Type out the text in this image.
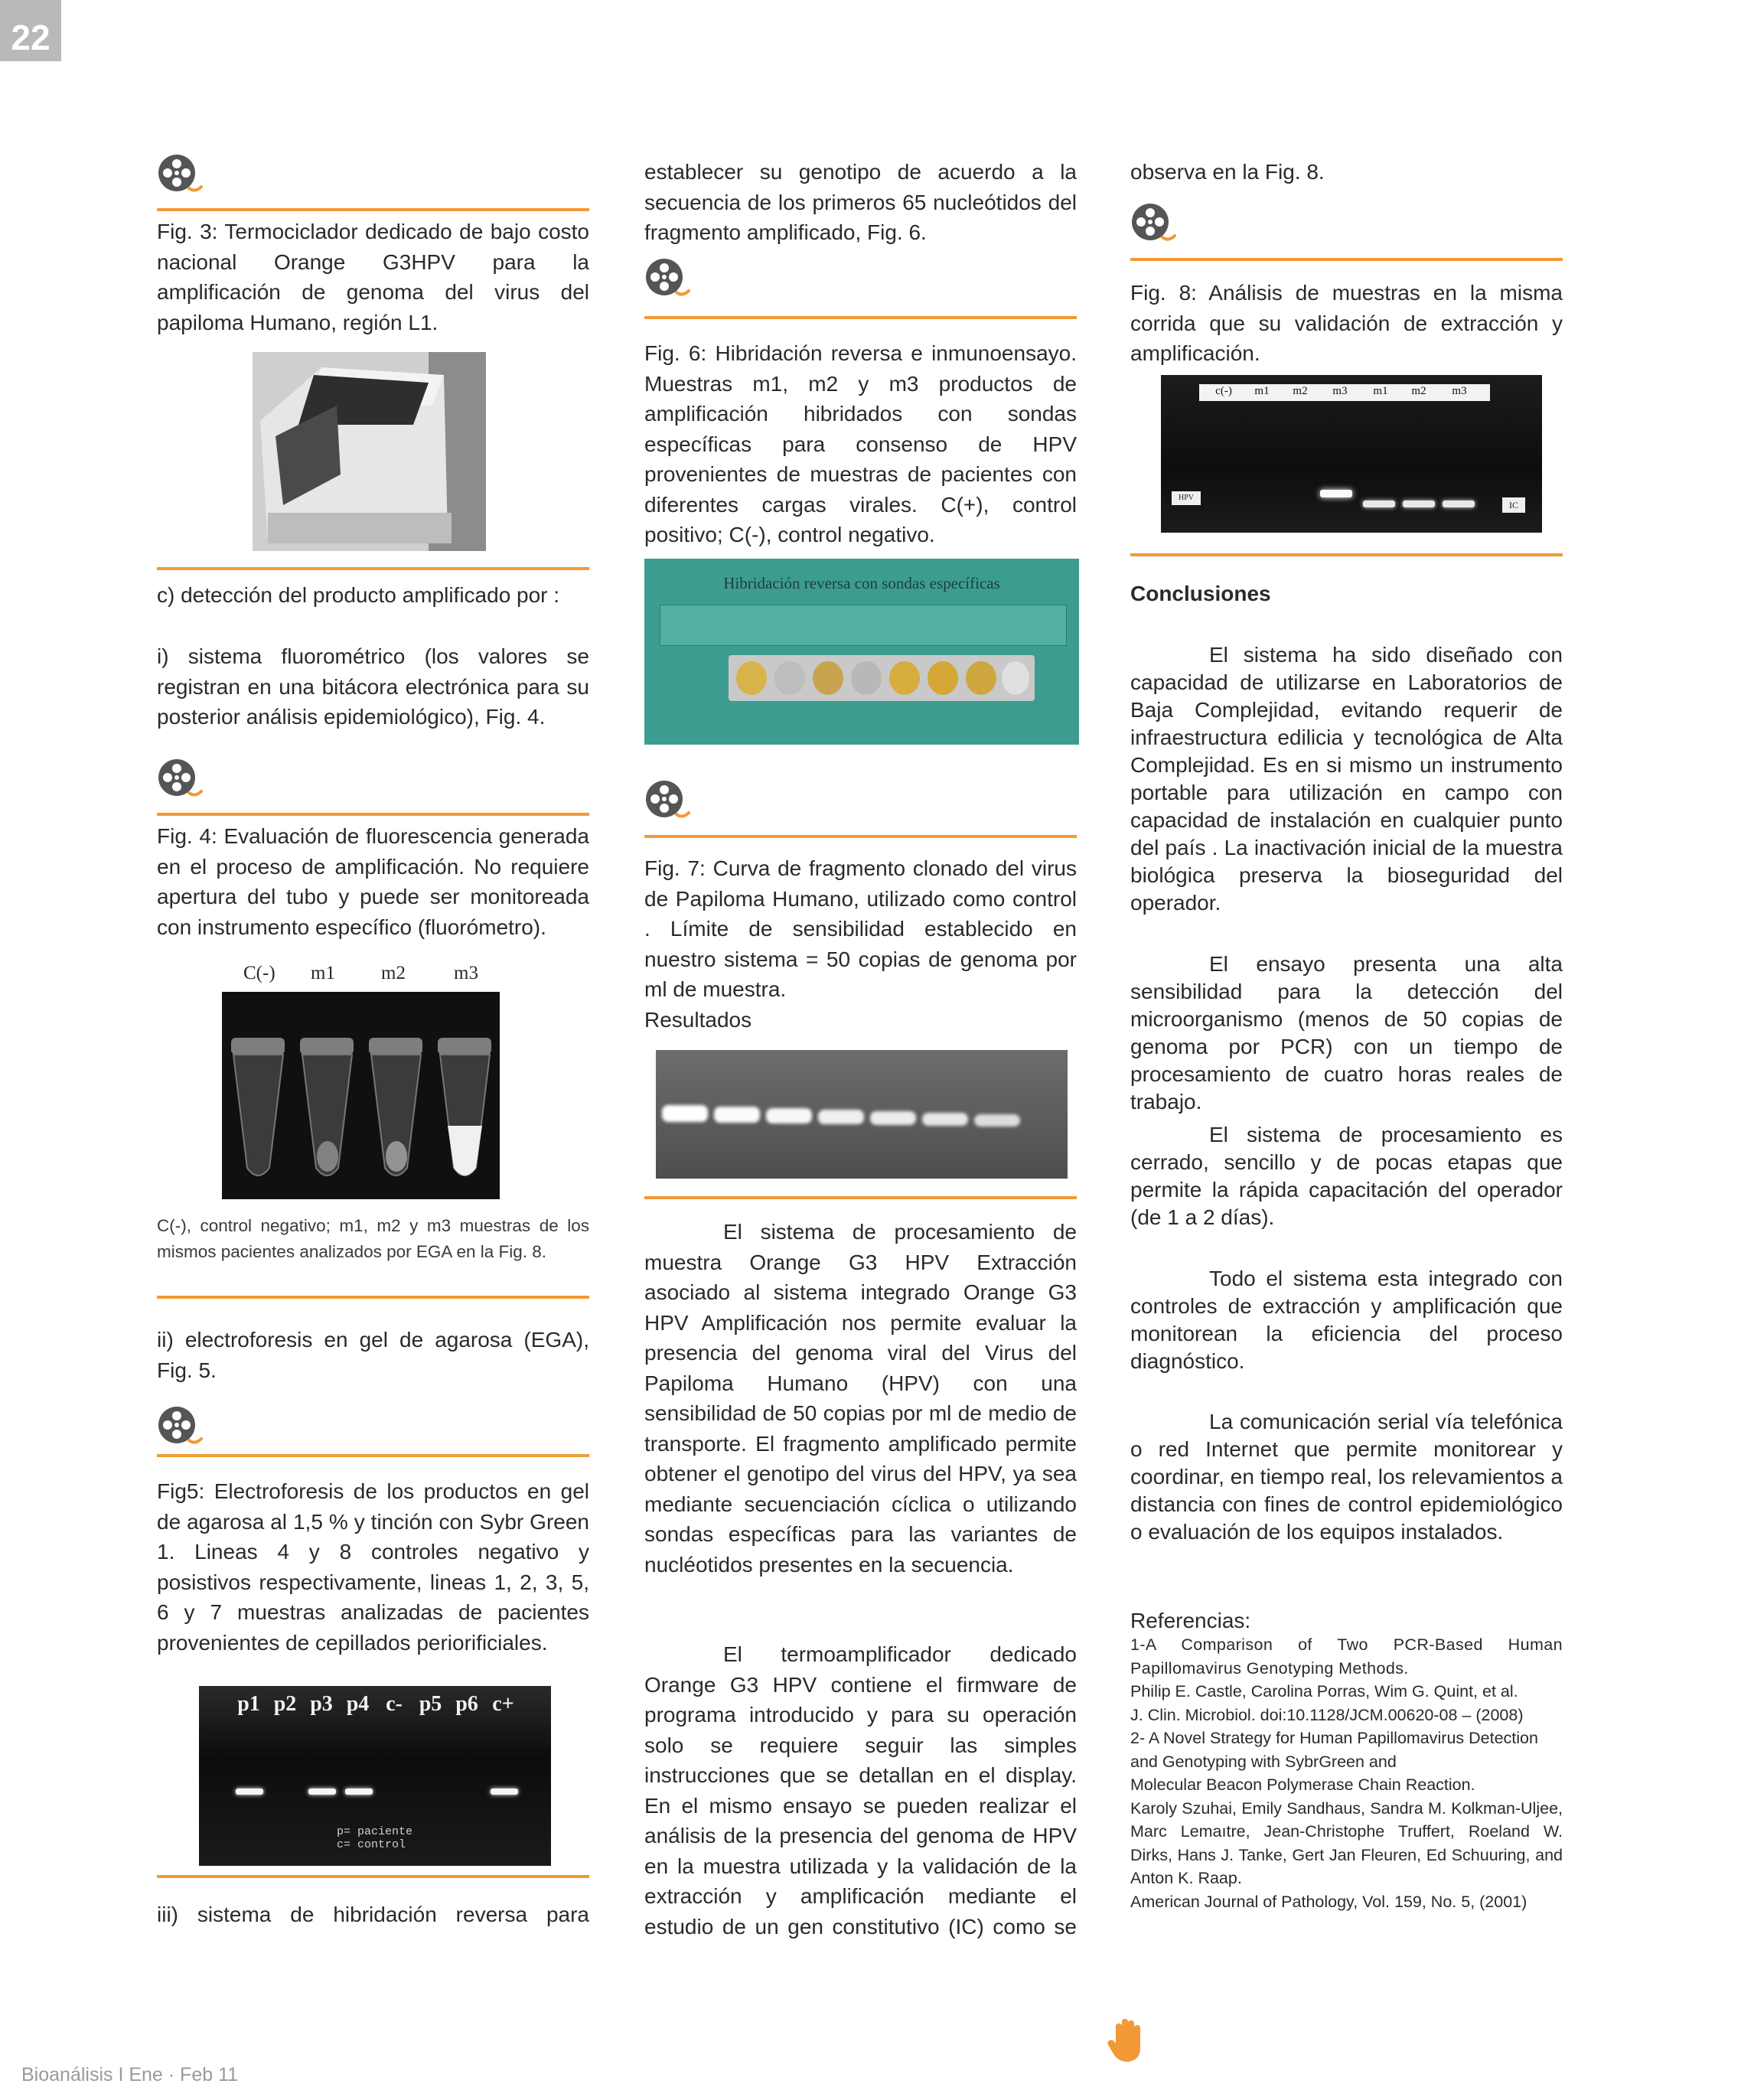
22

Fig. 3: Termociclador dedicado de bajo costo nacional Orange G3HPV para la amplificación de genoma del virus del papiloma Humano, región L1.

c) detección del producto amplificado por :

i) sistema fluorométrico (los valores se registran en una bitácora electrónica para su posterior análisis epidemiológico), Fig. 4.

Fig. 4: Evaluación de fluorescencia generada en el proceso de amplificación. No requiere apertura del tubo y puede ser monitoreada con instrumento específico (fluorómetro).

C(-) m1 m2	m3

C(-), control negativo; m1, m2 y m3 muestras de los mismos pacientes analizados por EGA en la Fig. 8.

ii) electroforesis en gel de agarosa (EGA), Fig. 5.

Fig5: Electroforesis de los productos en gel de agarosa al 1,5 % y tinción con Sybr Green 1. Lineas 4 y 8 controles negativo y posistivos respectivamente, lineas 1, 2, 3, 5, 6 y 7 muestras analizadas de pacientes provenientes de cepillados periorificiales.

p1 p2 p3 p4 c- p5 p6 c+
p= paciente
c= control

iii) sistema de hibridación reversa para

establecer su genotipo de acuerdo a la secuencia de los primeros 65 nucleótidos del fragmento amplificado, Fig. 6.

Fig. 6: Hibridación reversa e inmunoensayo. Muestras m1, m2 y m3 productos de amplificación hibridados con sondas específicas para consenso de HPV provenientes de muestras de pacientes con diferentes cargas virales. C(+), control positivo; C(-), control negativo.

Hibridación reversa con sondas específicas

Fig. 7: Curva de fragmento clonado del virus de Papiloma Humano, utilizado como control . Límite de sensibilidad establecido en nuestro sistema = 50 copias de genoma por ml de muestra.

Resultados

El sistema de procesamiento de muestra Orange G3 HPV Extracción asociado al sistema integrado Orange G3 HPV Amplificación nos permite evaluar la presencia del genoma viral del Virus del Papiloma Humano (HPV) con una sensibilidad de 50 copias por ml de medio de transporte. El fragmento amplificado permite obtener el genotipo del virus del HPV, ya sea mediante secuenciación cíclica o utilizando sondas específicas para las variantes de nucléotidos presentes en la secuencia.

El termoamplificador dedicado Orange G3 HPV contiene el firmware de programa introducido y para su operación solo se requiere seguir las simples instrucciones que se detallan en el display. En el mismo ensayo se pueden realizar el análisis de la presencia del genoma de HPV en la muestra utilizada y la validación de la extracción y amplificación mediante el estudio de un gen constitutivo (IC) como se

observa en la Fig. 8.

Fig. 8: Análisis de muestras en la misma corrida que su validación de extracción y amplificación.

c(-)	m1	m2	m3	m1	m2	m3
HPV
IC
Conclusiones

El sistema ha sido diseñado con capacidad de utilizarse en Laboratorios de Baja Complejidad, evitando requerir de infraestructura edilicia y tecnológica de Alta Complejidad. Es en si mismo un instrumento portable para utilización en campo con capacidad de instalación en cualquier punto del país . La inactivación inicial de la muestra biológica preserva la bioseguridad del operador.

El ensayo presenta una alta sensibilidad para la detección del microorganismo (menos de 50 copias de genoma por PCR) con un tiempo de procesamiento de cuatro horas reales de trabajo.

El sistema de procesamiento es cerrado, sencillo y de pocas etapas que permite la rápida capacitación del operador (de 1 a 2 días).

Todo el sistema esta integrado con controles de extracción y amplificación que monitorean la eficiencia del proceso diagnóstico.

La comunicación serial vía telefónica o red Internet que permite monitorear y coordinar, en tiempo real, los relevamientos a distancia con fines de control epidemiológico o evaluación de los equipos instalados.

Referencias:
1-A Comparison of Two PCR-Based Human Papillomavirus Genotyping Methods.
Philip E. Castle, Carolina Porras, Wim G. Quint, et al.
J. Clin. Microbiol. doi:10.1128/JCM.00620-08 – (2008)
2- A Novel Strategy for Human Papillomavirus Detection and Genotyping with SybrGreen and
Molecular Beacon Polymerase Chain Reaction.
Karoly Szuhai, Emily Sandhaus, Sandra M. Kolkman-Uljee, Marc Lemaıtre, Jean-Christophe Truffert, Roeland W. Dirks, Hans J. Tanke, Gert Jan Fleuren, Ed Schuuring, and Anton K. Raap.
American Journal of Pathology, Vol. 159, No. 5, (2001)
Bioanálisis I Ene · Feb 11
